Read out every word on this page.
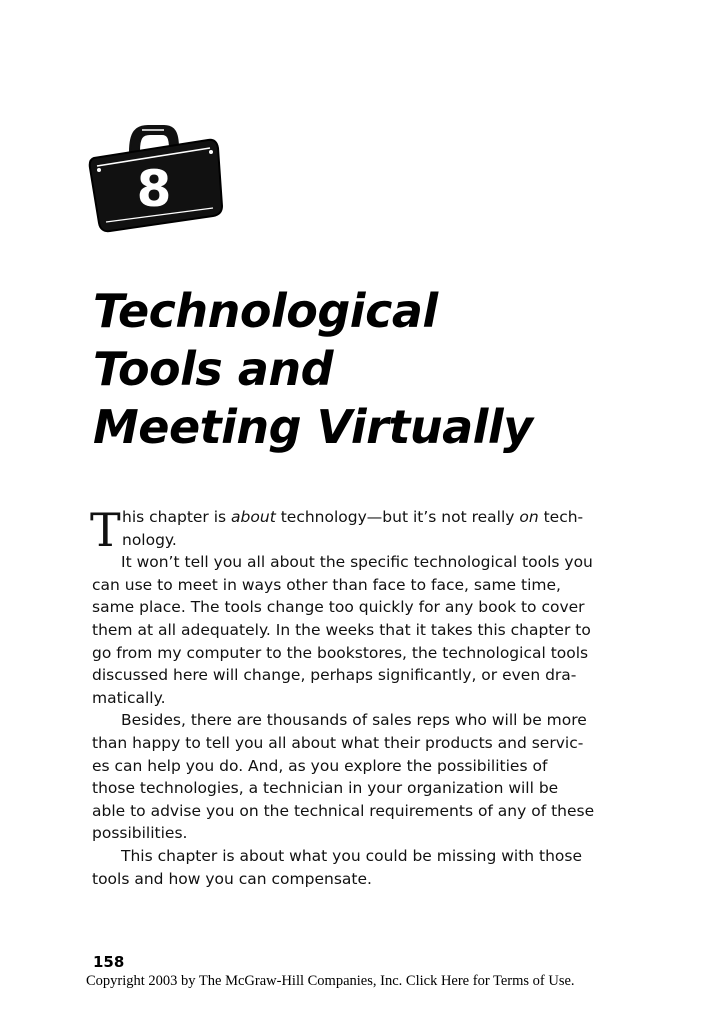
8
Technological
Tools and
Meeting Virtually
T his chapter is about technology—but it’s not really on tech-
nology.
It won’t tell you all about the specific technological tools you
can use to meet in ways other than face to face, same time,
same place. The tools change too quickly for any book to cover
them at all adequately. In the weeks that it takes this chapter to
go from my computer to the bookstores, the technological tools
discussed here will change, perhaps significantly, or even dra-
matically.
Besides, there are thousands of sales reps who will be more
than happy to tell you all about what their products and servic-
es can help you do. And, as you explore the possibilities of
those technologies, a technician in your organization will be
able to advise you on the technical requirements of any of these
possibilities.
This chapter is about what you could be missing with those
tools and how you can compensate.
158
Copyright 2003 by The McGraw-Hill Companies, Inc. Click Here for Terms of Use.
